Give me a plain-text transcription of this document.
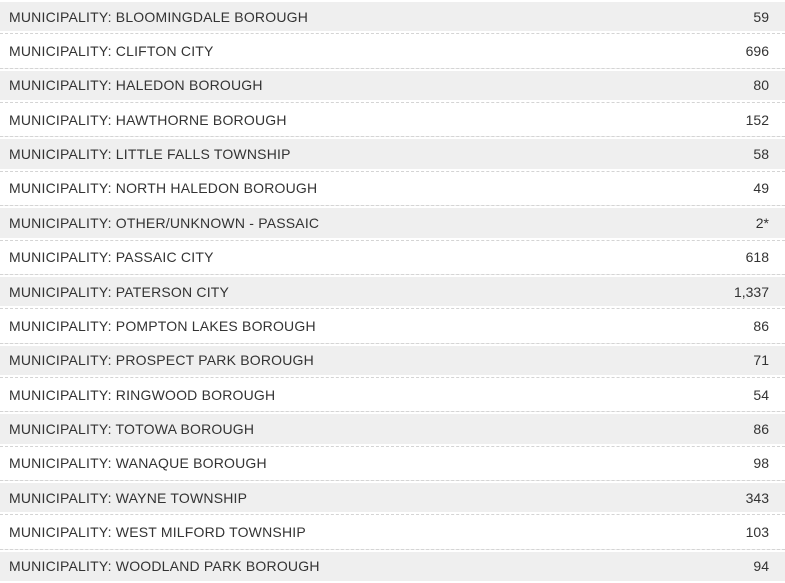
MUNICIPALITY: BLOOMINGDALE BOROUGH	59
MUNICIPALITY: CLIFTON CITY	696
MUNICIPALITY: HALEDON BOROUGH	80
MUNICIPALITY: HAWTHORNE BOROUGH	152
MUNICIPALITY: LITTLE FALLS TOWNSHIP	58
MUNICIPALITY: NORTH HALEDON BOROUGH	49
MUNICIPALITY: OTHER/UNKNOWN - PASSAIC	2*
MUNICIPALITY: PASSAIC CITY	618
MUNICIPALITY: PATERSON CITY	1,337
MUNICIPALITY: POMPTON LAKES BOROUGH	86
MUNICIPALITY: PROSPECT PARK BOROUGH	71
MUNICIPALITY: RINGWOOD BOROUGH	54
MUNICIPALITY: TOTOWA BOROUGH	86
MUNICIPALITY: WANAQUE BOROUGH	98
MUNICIPALITY: WAYNE TOWNSHIP	343
MUNICIPALITY: WEST MILFORD TOWNSHIP	103
MUNICIPALITY: WOODLAND PARK BOROUGH	94
